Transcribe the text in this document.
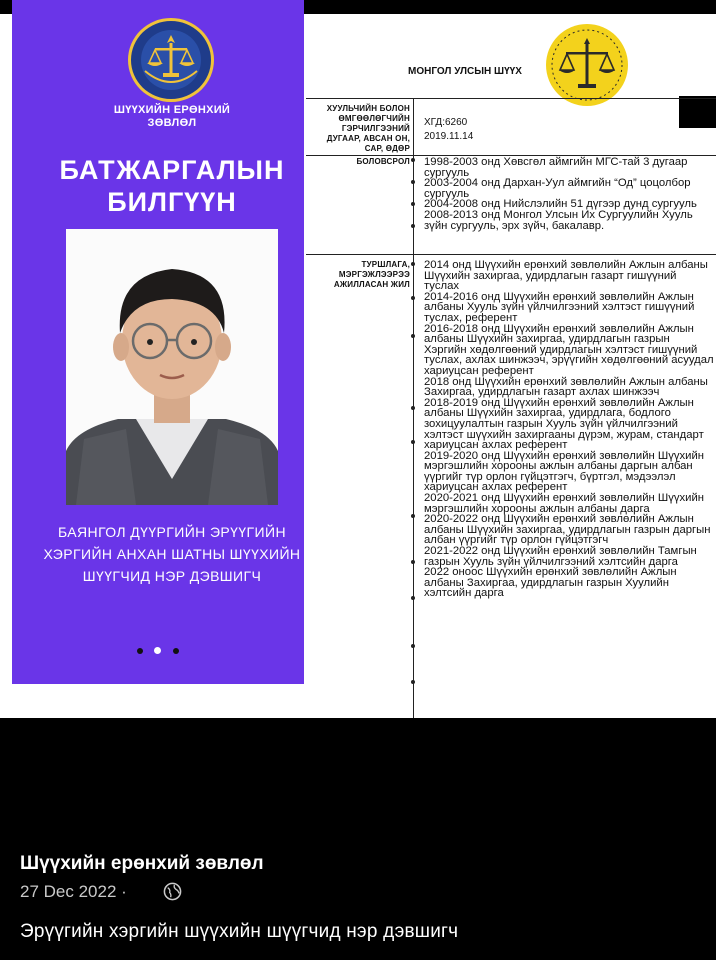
ШҮҮХИЙН ЕРӨНХИЙ ЗӨВЛӨЛ
БАТЖАРГАЛЫН
БИЛГҮҮН
БАЯНГОЛ ДҮҮРГИЙН ЭРҮҮГИЙН
ХЭРГИЙН АНХАН ШАТНЫ ШҮҮХИЙН
ШҮҮГЧИД НЭР ДЭВШИГЧ
МОНГОЛ УЛСЫН ШҮҮХ
ХУУЛЬЧИЙН БОЛОН ӨМГӨӨЛӨГЧИЙН ГЭРЧИЛГЭЭНИЙ ДУГААР, АВСАН ОН, САР, ӨДӨР
ХГД:6260
2019.11.14
БОЛОВСРОЛ 1998-2003 онд Хөвсгөл аймгийн МГС-тай 3 дугаар сургууль
2003-2004 онд Дархан-Уул аймгийн “Од” цоцолбор сургууль
2004-2008 онд Нийслэлийн 51 дүгээр дунд сургууль
2008-2013 онд Монгол Улсын Их Сургуулийн Хууль зүйн сургууль, эрх зүйч, бакалавр.
ТУРШЛАГА, МЭРГЭЖЛЭЭРЭЭ АЖИЛЛАСАН ЖИЛ
2014 онд Шүүхийн ерөнхий зөвлөлийн Ажлын албаны Шүүхийн захиргаа, удирдлагын газарт гишүүний туслах
2014-2016 онд Шүүхийн ерөнхий зөвлөлийн Ажлын албаны Хууль зүйн үйлчилгээний хэлтэст гишүүний туслах, референт
2016-2018 онд Шүүхийн ерөнхий зөвлөлийн Ажлын албаны Шүүхийн захиргаа, удирдлагын газрын Хэргийн хөдөлгөөний удирдлагын хэлтэст гишүүний туслах, ахлах шинжээч, эрүүгийн хөдөлгөөний асуудал хариуцсан референт
2018 онд Шүүхийн ерөнхий зөвлөлийн Ажлын албаны Захиргаа, удирдлагын газарт ахлах шинжээч
2018-2019 онд Шүүхийн ерөнхий зөвлөлийн Ажлын албаны Шүүхийн захиргаа, удирдлага, бодлого зохицуулалтын газрын Хууль зүйн үйлчилгээний хэлтэст шүүхийн захиргааны дүрэм, журам, стандарт хариуцсан ахлах референт
2019-2020 онд Шүүхийн ерөнхий зөвлөлийн Шүүхийн мэргэшлийн хорооны ажлын албаны даргын албан үүргийг түр орлон гүйцэтгэгч, бүртгэл, мэдээлэл хариуцсан ахлах референт
2020-2021 онд Шүүхийн ерөнхий зөвлөлийн Шүүхийн мэргэшлийн хорооны ажлын албаны дарга
2020-2022 онд Шүүхийн ерөнхий зөвлөлийн Ажлын албаны Шүүхийн захиргаа, удирдлагын газрын даргын албан үүргийг түр орлон гүйцэтгэгч
2021-2022 онд Шүүхийн ерөнхий зөвлөлийн Тамгын газрын Хууль зүйн үйлчилгээний хэлтсийн дарга
2022 оноос Шүүхийн ерөнхий зөвлөлийн Ажлын албаны Захиргаа, удирдлагын газрын Хуулийн хэлтсийн дарга
Шүүхийн ерөнхий зөвлөл
27 Dec 2022 ·
Эрүүгийн хэргийн шүүхийн шүүгчид нэр дэвшигч
